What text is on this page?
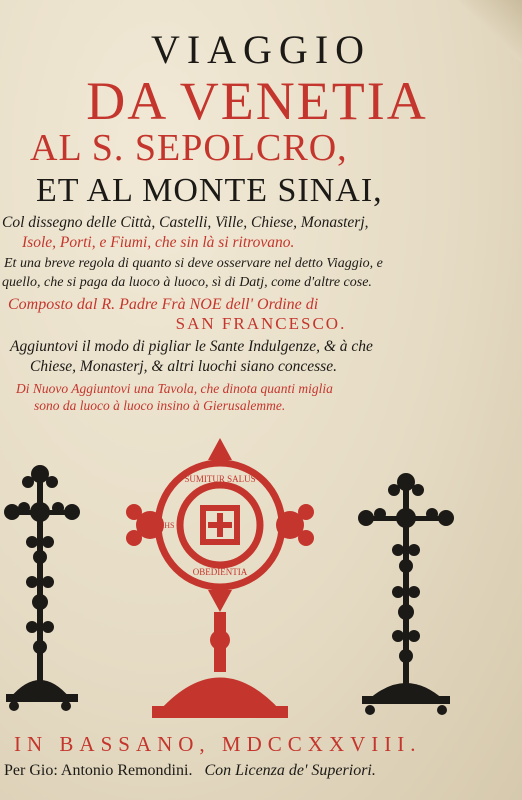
VIAGGIO
DA VENETIA
AL S. SEPOLCRO,
ET AL MONTE SINAI,
Col dissegno delle Città, Castelli, Ville, Chiese, Monasterj,
Isole, Porti, e Fiumi, che sin là si ritrovano.
Et una breve regola di quanto si deve osservare nel detto Viaggio, e
quello, che si paga da luoco à luoco, sì di Datj, come d'altre cose.
Composto dal R. Padre Frà NOE dell' Ordine di
SAN FRANCESCO.
Aggiuntovi il modo di pigliar le Sante Indulgenze, & à che
Chiese, Monasterj, & altri luochi siano concesse.
Di Nuovo Aggiuntovi una Tavola, che dinota quanti miglia
sono da luoco à luoco insino à Gierusalemme.
SUMITUR SALUS
OBEDIENTIA
IHS
IN BASSANO, MDCCXXVIII.
Per Gio: Antonio Remondini. Con Licenza de' Superiori.
